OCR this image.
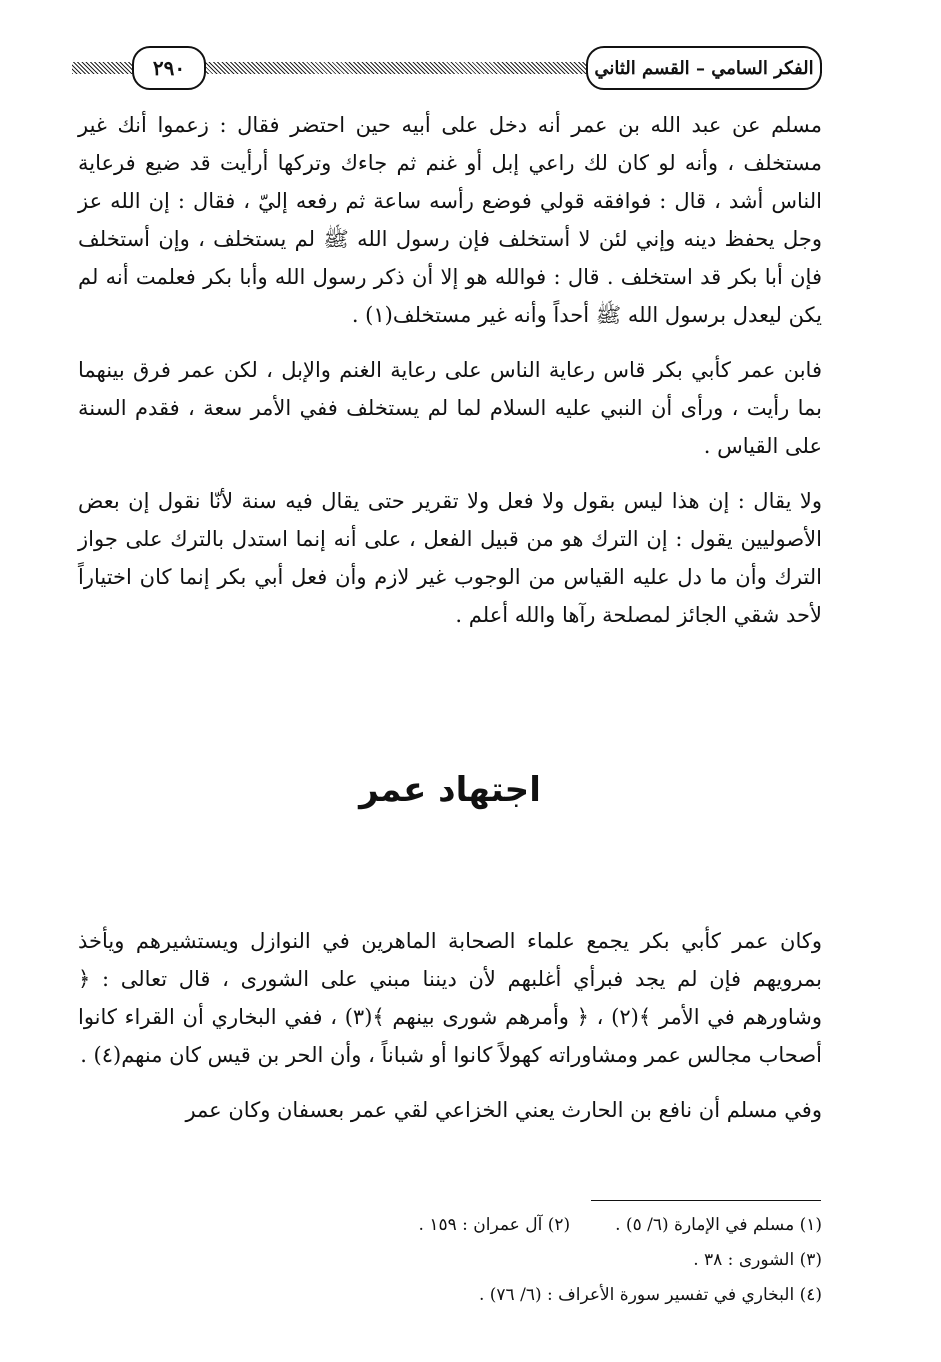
٢٩٠	الفكر السامي – القسم الثاني

مسلم عن عبد الله بن عمر أنه دخل على أبيه حين احتضر فقال : زعموا أنك غير مستخلف ، وأنه لو كان لك راعي إبل أو غنم ثم جاءك وتركها أرأيت قد ضيع فرعاية الناس أشد ، قال : فوافقه قولي فوضع رأسه ساعة ثم رفعه إليّ ، فقال : إن الله عز وجل يحفظ دينه وإني لئن لا أستخلف فإن رسول الله ﷺ لم يستخلف ، وإن أستخلف فإن أبا بكر قد استخلف . قال : فوالله هو إلا أن ذكر رسول الله وأبا بكر فعلمت أنه لم يكن ليعدل برسول الله ﷺ أحداً وأنه غير مستخلف(١) .

فابن عمر كأبي بكر قاس رعاية الناس على رعاية الغنم والإبل ، لكن عمر فرق بينهما بما رأيت ، ورأى أن النبي عليه السلام لما لم يستخلف ففي الأمر سعة ، فقدم السنة على القياس .

ولا يقال : إن هذا ليس بقول ولا فعل ولا تقرير حتى يقال فيه سنة لأنّا نقول إن بعض الأصوليين يقول : إن الترك هو من قبيل الفعل ، على أنه إنما استدل بالترك على جواز الترك وأن ما دل عليه القياس من الوجوب غير لازم وأن فعل أبي بكر إنما كان اختياراً لأحد شقي الجائز لمصلحة رآها والله أعلم .

اجتهاد عمر

وكان عمر كأبي بكر يجمع علماء الصحابة الماهرين في النوازل ويستشيرهم ويأخذ بمرويهم فإن لم يجد فبرأي أغلبهم لأن ديننا مبني على الشورى ، قال تعالى : ﴿ وشاورهم في الأمر ﴾(٢) ، ﴿ وأمرهم شورى بينهم ﴾(٣) ، ففي البخاري أن القراء كانوا أصحاب مجالس عمر ومشاوراته كهولاً كانوا أو شباناً ، وأن الحر بن قيس كان منهم(٤) .

وفي مسلم أن نافع بن الحارث يعني الخزاعي لقي عمر بعسفان وكان عمر

(١) مسلم في الإمارة (٦/ ٥) .(٢) آل عمران : ١٥٩ .
(٣) الشورى : ٣٨ .
(٤) البخاري في تفسير سورة الأعراف : (٦/ ٧٦) .
